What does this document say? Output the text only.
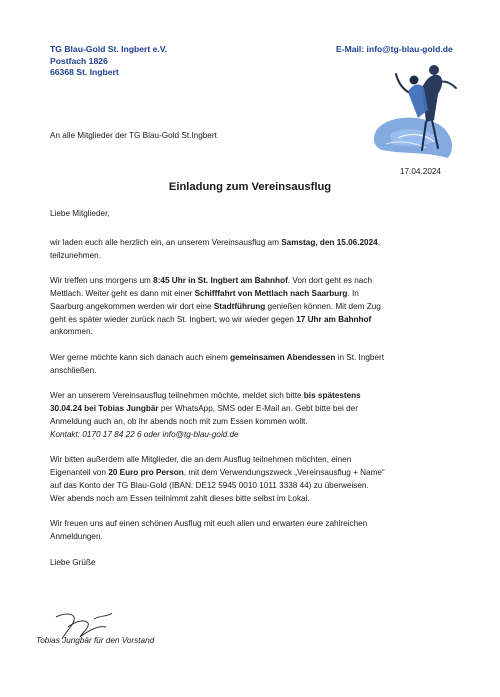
TG Blau-Gold St. Ingbert e.V.
Postfach 1826
66368 St. Ingbert
E-Mail: info@tg-blau-gold.de
An alle Mitglieder der TG Blau-Gold St.Ingbert
17.04.2024
Einladung zum Vereinsausflug

Liebe Mitglieder,

wir laden euch alle herzlich ein, an unserem Vereinsausflug am Samstag, den 15.06.2024,
teilzunehmen.

Wir treffen uns morgens um 8:45 Uhr in St. Ingbert am Bahnhof. Von dort geht es nach
Mettlach. Weiter geht es dann mit einer Schifffahrt von Mettlach nach Saarburg. In
Saarburg angekommen werden wir dort eine Stadtführung genießen können. Mit dem Zug
geht es später wieder zurück nach St. Ingbert, wo wir wieder gegen 17 Uhr am Bahnhof
ankommen.

Wer gerne möchte kann sich danach auch einem gemeinsamen Abendessen in St. Ingbert
anschließen.

Wer an unserem Vereinsausflug teilnehmen möchte, meldet sich bitte bis spätestens
30.04.24 bei Tobias Jungbär per WhatsApp, SMS oder E-Mail an. Gebt bitte bei der
Anmeldung auch an, ob ihr abends noch mit zum Essen kommen wollt.
Kontakt: 0170 17 84 22 6 oder info@tg-blau-gold.de

Wir bitten außerdem alle Mitglieder, die an dem Ausflug teilnehmen möchten, einen
Eigenanteil von 20 Euro pro Person, mit dem Verwendungszweck „Vereinsausflug + Name“
auf das Konto der TG Blau-Gold (IBAN: DE12 5945 0010 1011 3338 44) zu überweisen.
Wer abends noch am Essen teilnimmt zahlt dieses bitte selbst im Lokal.

Wir freuen uns auf einen schönen Ausflug mit euch allen und erwarten eure zahlreichen
Anmeldungen.

Liebe Grüße

Tobias Jungbär für den Vorstand
